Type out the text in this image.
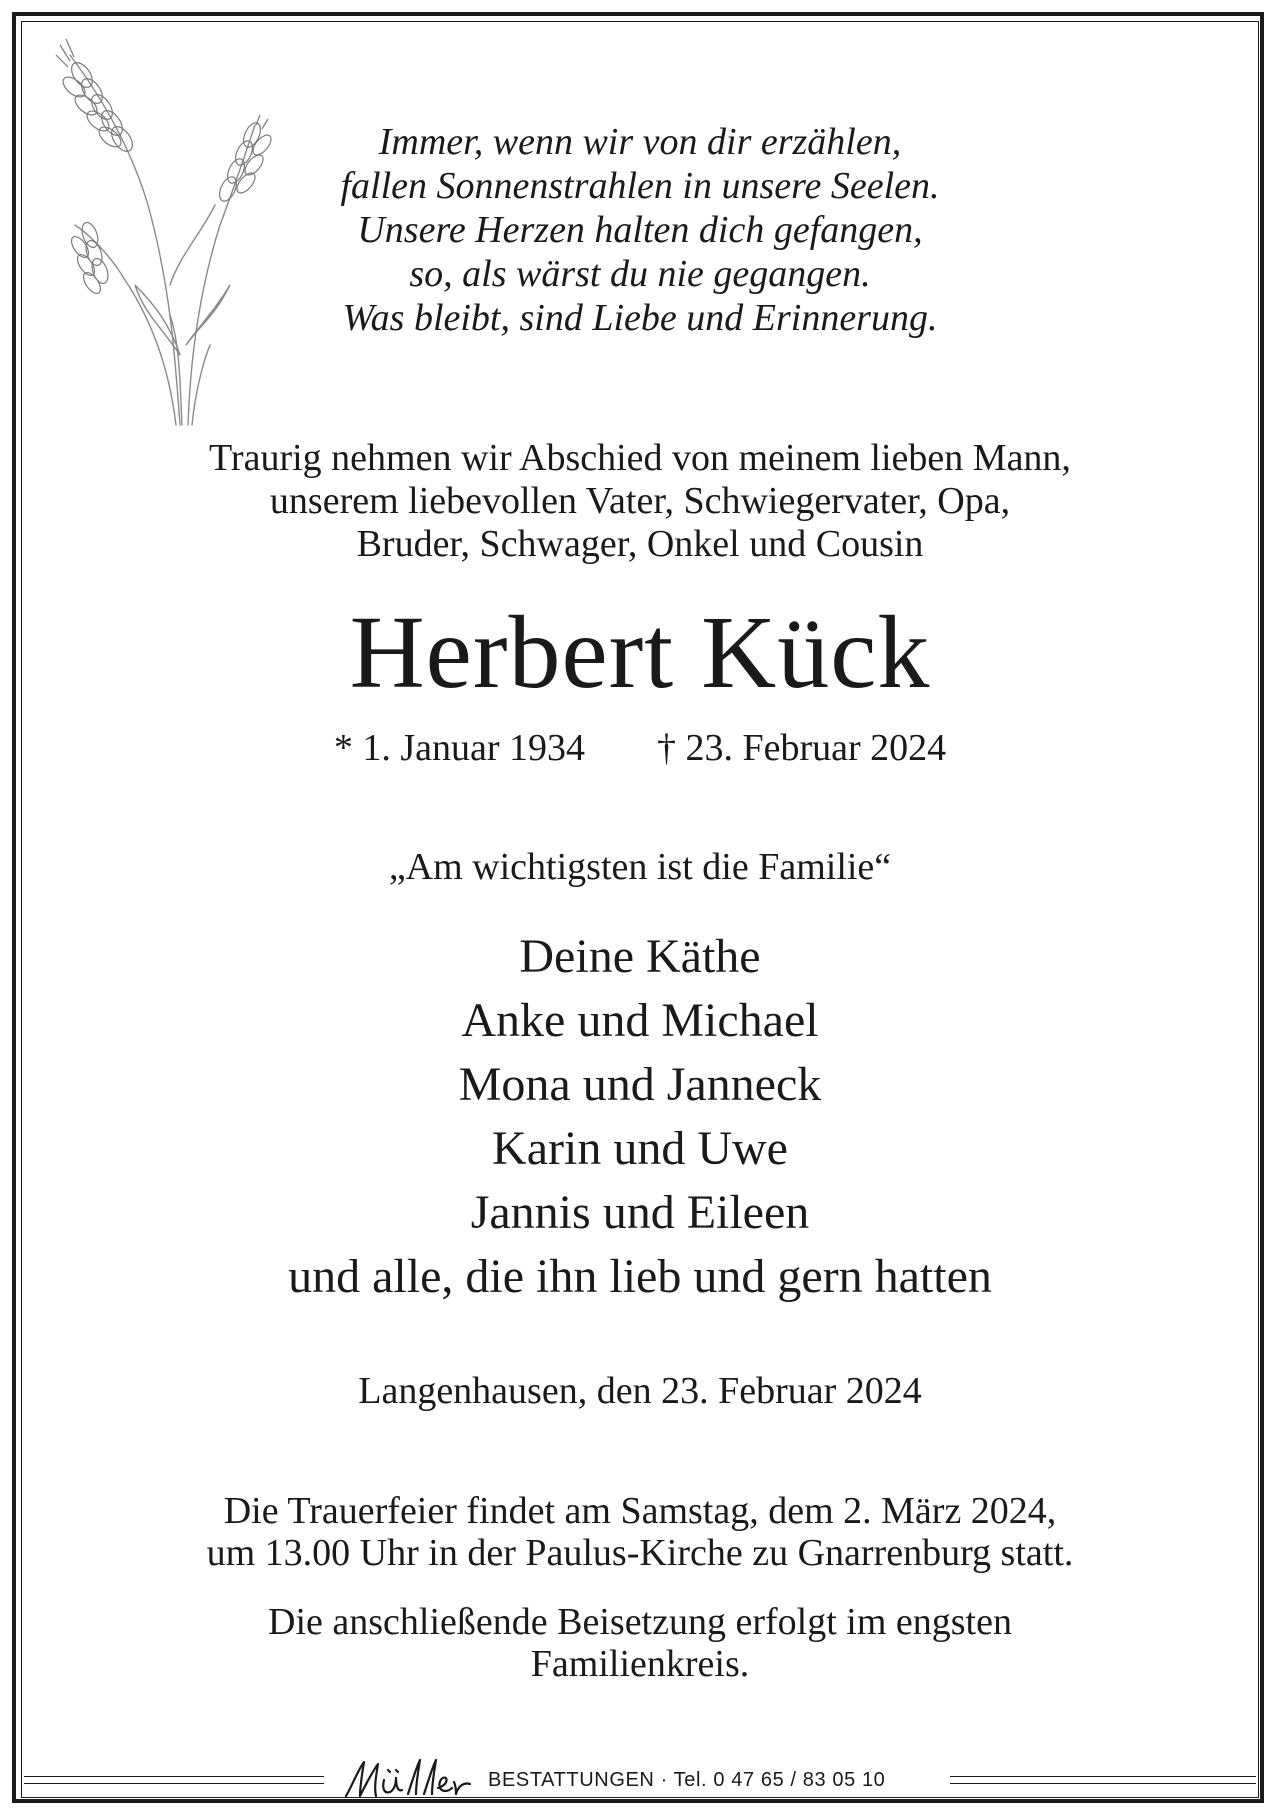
Immer, wenn wir von dir erzählen,
fallen Sonnenstrahlen in unsere Seelen.
Unsere Herzen halten dich gefangen,
so, als wärst du nie gegangen.
Was bleibt, sind Liebe und Erinnerung.
Traurig nehmen wir Abschied von meinem lieben Mann,
unserem liebevollen Vater, Schwiegervater, Opa,
Bruder, Schwager, Onkel und Cousin
Herbert Kück
* 1. Januar 1934 † 23. Februar 2024
„Am wichtigsten ist die Familie“
Deine Käthe
Anke und Michael
Mona und Janneck
Karin und Uwe
Jannis und Eileen
und alle, die ihn lieb und gern hatten
Langenhausen, den 23. Februar 2024
Die Trauerfeier findet am Samstag, dem 2. März 2024,
um 13.00 Uhr in der Paulus-Kirche zu Gnarrenburg statt.
Die anschließende Beisetzung erfolgt im engsten
Familienkreis.
BESTATTUNGEN · Tel. 0 47 65 / 83 05 10
